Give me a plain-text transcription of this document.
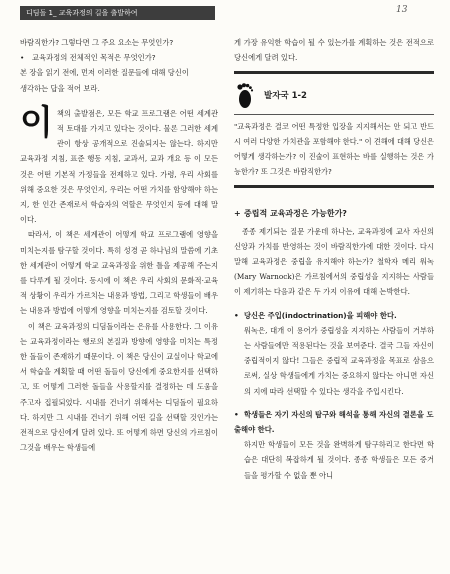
디딤돌 1_ 교육과정의 길을 출발하여	13

바람직한가? 그렇다면 그 주요 요소는 무엇인가?

• 교육과정의 전체적인 목적은 무엇인가?

본 장을 읽기 전에, 먼저 이러한 질문들에 대해 당신이

생각하는 답을 적어 보라.

이 책의 출발점은, 모든 학교 프로그램은 어떤 세계관적 토대를 가지고 있다는 것이다. 물론 그러한 세계관이 항상 공개적으로 진술되지는 않는다. 하지만 교육과정 지침, 표준 행동 지침, 교과서, 교과 개요 등 이 모든 것은 어떤 기본적 가정들을 전제하고 있다. 가령, 우리 사회를 위해 중요한 것은 무엇인지, 우리는 어떤 가치를 함양해야 하는지, 한 인간 존재로서 학습자의 역할은 무엇인지 등에 대해 말이다.

따라서, 이 책은 세계관이 어떻게 학교 프로그램에 영향을 미치는지를 탐구할 것이다. 특히 성경 곧 하나님의 말씀에 기초한 세계관이 어떻게 학교 교육과정을 위한 틀을 제공해 주는지를 다루게 될 것이다. 동시에 이 책은 우리 사회의 문화적·교육적 상황이 우리가 가르치는 내용과 방법, 그리고 학생들이 배우는 내용과 방법에 어떻게 영향을 미치는지를 검토할 것이다.

이 책은 교육과정의 디딤돌이라는 은유를 사용한다. 그 이유는 교육과정이라는 행로의 본질과 방향에 영향을 미치는 특정한 돌들이 존재하기 때문이다. 이 책은 당신이 교실이나 학교에서 학습을 계획할 때 어떤 돌들이 당신에게 중요한지를 선택하고, 또 어떻게 그러한 돌들을 사용할지를 결정하는 데 도움을 주고자 집필되었다. 시내를 건너기 위해서는 디딤돌이 필요하다. 하지만 그 시내를 건너기 위해 어떤 길을 선택할 것인가는 전적으로 당신에게 달려 있다. 또 어떻게 하면 당신의 가르침이 그것을 배우는 학생들에

게 가장 유익한 학습이 될 수 있는가를 계획하는 것은 전적으로 당신에게 달려 있다.

발자국 1-2

"교육과정은 결코 어떤 특정한 입장을 지지해서는 안 되고 반드시 여러 다양한 가치관을 포함해야 한다." 이 견해에 대해 당신은 어떻게 생각하는가? 이 진술이 표현하는 바를 실행하는 것은 가능한가? 또 그것은 바람직한가?

+ 중립적 교육과정은 가능한가?

종종 제기되는 질문 가운데 하나는, 교육과정에 교사 자신의 신앙과 가치를 반영하는 것이 바람직한가에 대한 것이다. 다시 말해 교육과정은 중립을 유지해야 하는가? 철학자 메리 워녹(Mary Warnock)은 가르침에서의 중립성을 지지하는 사람들이 제기하는 다음과 같은 두 가지 이유에 대해 논박한다.

• 당신은 주입(indoctrination)을 피해야 한다.

워녹은, 대개 이 용어가 중립성을 지지하는 사람들이 거부하는 사람들에만 적용된다는 것을 보여준다. 결국 그들 자신이 중립적이지 않다! 그들은 중립적 교육과정을 목표로 삼음으로써, 실상 학생들에게 가치는 중요하지 않다는 아니면 자신의 지에 따라 선택할 수 있다는 생각을 주입시킨다.

• 학생들은 자기 자신의 탐구와 해석을 통해 자신의 결론을 도출해야 한다.

하지만 학생들이 모든 것을 완벽하게 탐구하리고 한다면 학습은 대단히 복잡하게 될 것이다. 종종 학생들은 모든 증거들을 평가할 수 없을 뿐 아니
